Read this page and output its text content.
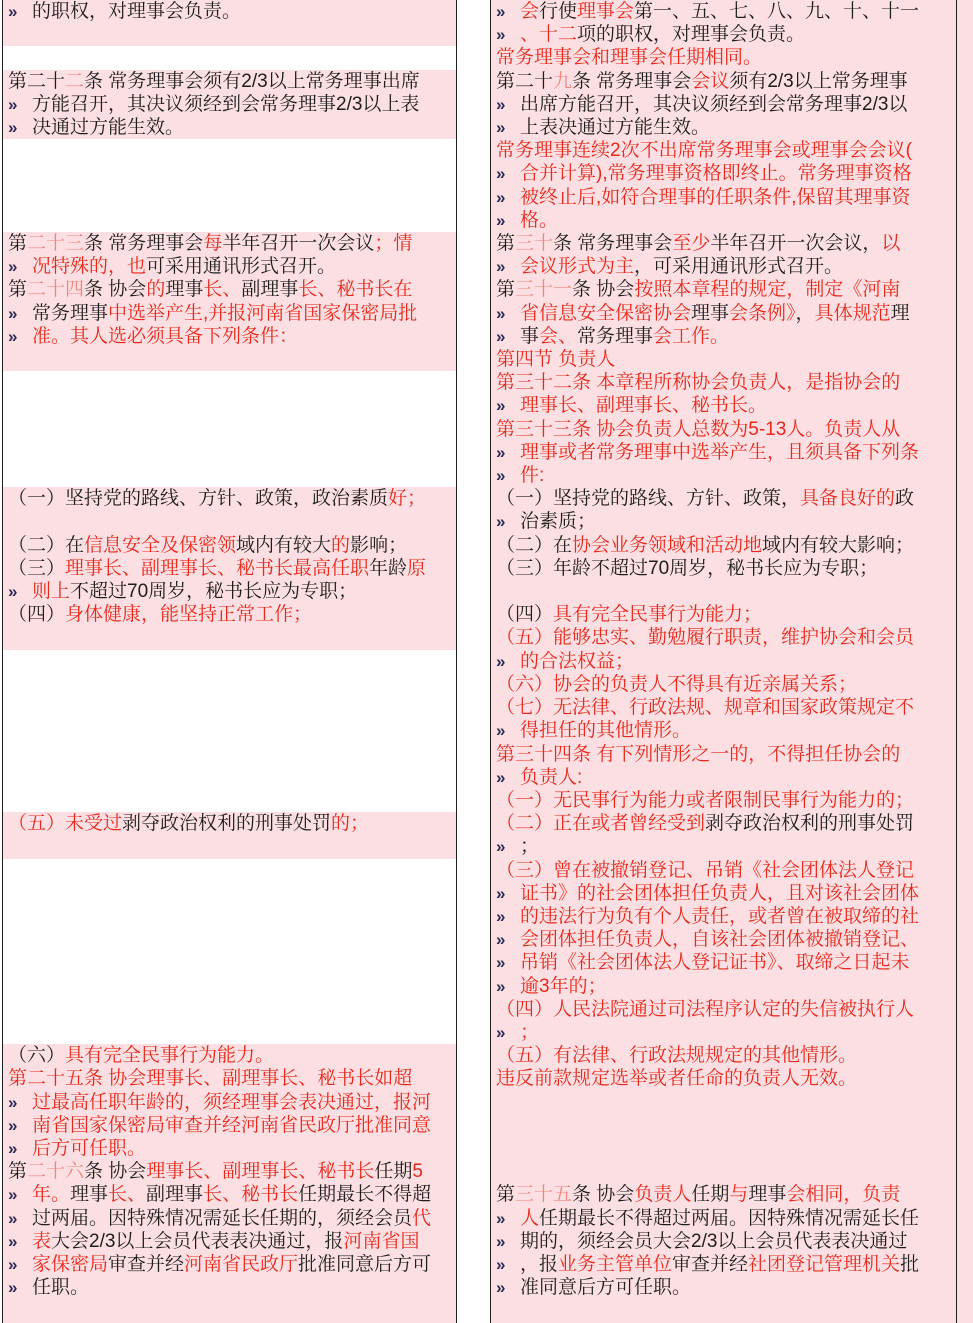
» 的职权，对理事会负责。
第二十二条 常务理事会须有2/3以上常务理事出席
» 方能召开，其决议须经到会常务理事2/3以上表
» 决通过方能生效。
第二十三条 常务理事会每半年召开一次会议；情
» 况特殊的，也可采用通讯形式召开。
第二十四条 协会的理事长、副理事长、秘书长在
» 常务理事中选举产生,并报河南省国家保密局批
» 准。其人选必须具备下列条件：
（一）坚持党的路线、方针、政策，政治素质好；
（二）在信息安全及保密领域内有较大的影响；
（三）理事长、副理事长、秘书长最高任职年龄原
» 则上不超过70周岁，秘书长应为专职；
（四）身体健康，能坚持正常工作；
（五）未受过剥夺政治权利的刑事处罚的；
（六）具有完全民事行为能力。
第二十五条 协会理事长、副理事长、秘书长如超
» 过最高任职年龄的，须经理事会表决通过，报河
» 南省国家保密局审查并经河南省民政厅批准同意
» 后方可任职。
第二十六条 协会理事长、副理事长、秘书长任期5
» 年。理事长、副理事长、秘书长任期最长不得超
» 过两届。因特殊情况需延长任期的，须经会员代
» 表大会2/3以上会员代表表决通过，报河南省国
» 家保密局审查并经河南省民政厅批准同意后方可
» 任职。
» 会行使理事会第一、五、七、八、九、十、十一
» 、十二项的职权，对理事会负责。
常务理事会和理事会任期相同。
第二十九条 常务理事会会议须有2/3以上常务理事
» 出席方能召开，其决议须经到会常务理事2/3以
» 上表决通过方能生效。
常务理事连续2次不出席常务理事会或理事会会议(
» 合并计算),常务理事资格即终止。常务理事资格
» 被终止后,如符合理事的任职条件,保留其理事资
» 格。
第三十条 常务理事会至少半年召开一次会议，以
» 会议形式为主，可采用通讯形式召开。
第三十一条 协会按照本章程的规定，制定《河南
» 省信息安全保密协会理事会条例》，具体规范理
» 事会、常务理事会工作。
第四节 负责人
第三十二条 本章程所称协会负责人，是指协会的
» 理事长、副理事长、秘书长。
第三十三条 协会负责人总数为5-13人。负责人从
» 理事或者常务理事中选举产生，且须具备下列条
» 件:
（一）坚持党的路线、方针、政策，具备良好的政
» 治素质；
（二）在协会业务领域和活动地域内有较大影响；
（三）年龄不超过70周岁，秘书长应为专职；
（四）具有完全民事行为能力；
（五）能够忠实、勤勉履行职责，维护协会和会员
» 的合法权益；
（六）协会的负责人不得具有近亲属关系；
（七）无法律、行政法规、规章和国家政策规定不
» 得担任的其他情形。
第三十四条 有下列情形之一的，不得担任协会的
» 负责人:
（一）无民事行为能力或者限制民事行为能力的；
（二）正在或者曾经受到剥夺政治权利的刑事处罚
» ；
（三）曾在被撤销登记、吊销《社会团体法人登记
» 证书》的社会团体担任负责人，且对该社会团体
» 的违法行为负有个人责任，或者曾在被取缔的社
» 会团体担任负责人，自该社会团体被撤销登记、
» 吊销《社会团体法人登记证书》、取缔之日起未
» 逾3年的；
（四）人民法院通过司法程序认定的失信被执行人
» ；
（五）有法律、行政法规规定的其他情形。
违反前款规定选举或者任命的负责人无效。
第三十五条 协会负责人任期与理事会相同，负责
» 人任期最长不得超过两届。因特殊情况需延长任
» 期的，须经会员大会2/3以上会员代表表决通过
» ，报业务主管单位审查并经社团登记管理机关批
» 准同意后方可任职。
